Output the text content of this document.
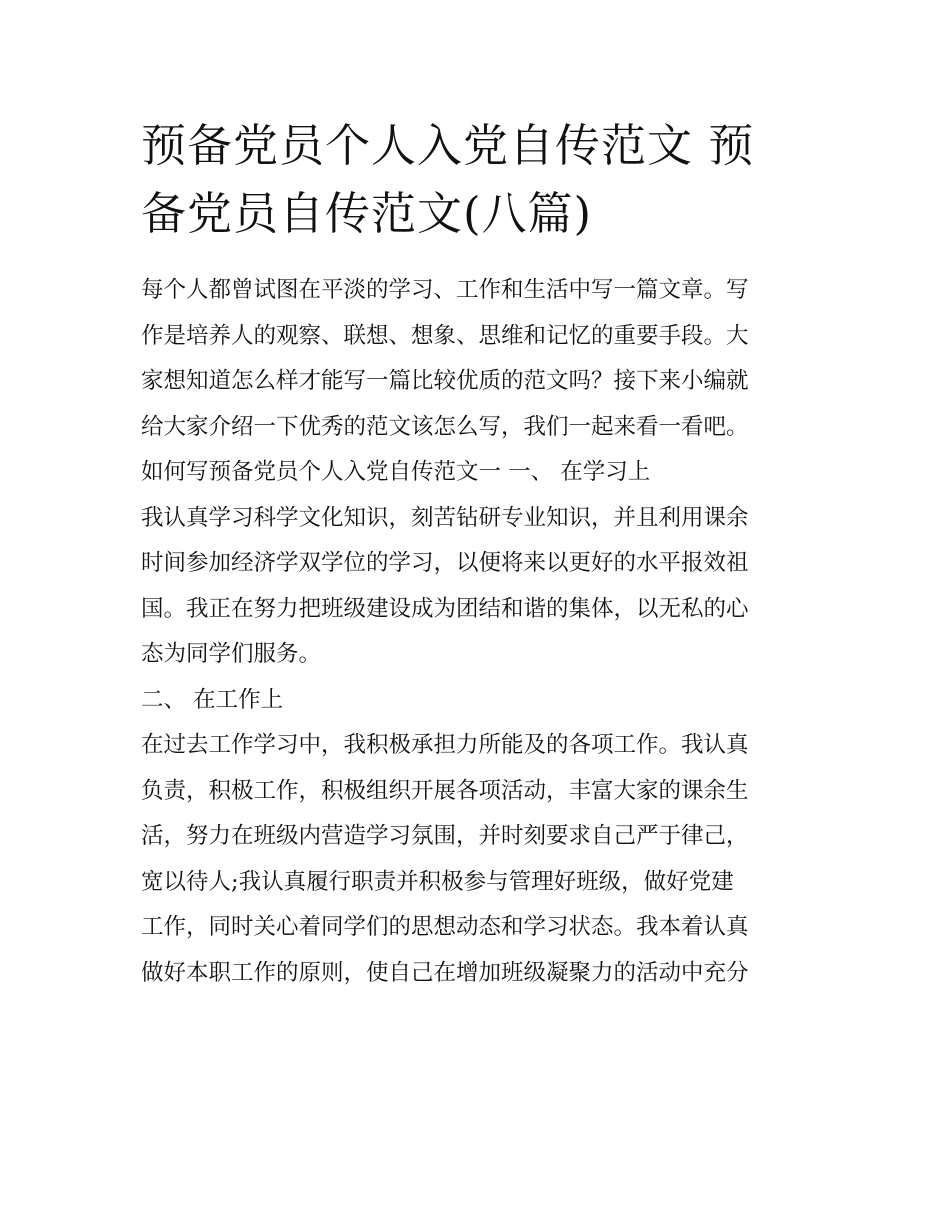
预备党员个人入党自传范文 预
备党员自传范文(八篇)

每个人都曾试图在平淡的学习、工作和生活中写一篇文章。写

作是培养人的观察、联想、想象、思维和记忆的重要手段。大

家想知道怎么样才能写一篇比较优质的范文吗？接下来小编就

给大家介绍一下优秀的范文该怎么写，我们一起来看一看吧。

如何写预备党员个人入党自传范文一 一、 在学习上

我认真学习科学文化知识，刻苦钻研专业知识，并且利用课余

时间参加经济学双学位的学习，以便将来以更好的水平报效祖

国。我正在努力把班级建设成为团结和谐的集体，以无私的心

态为同学们服务。

二、 在工作上

在过去工作学习中，我积极承担力所能及的各项工作。我认真

负责，积极工作，积极组织开展各项活动，丰富大家的课余生

活，努力在班级内营造学习氛围，并时刻要求自己严于律己，

宽以待人;我认真履行职责并积极参与管理好班级，做好党建

工作，同时关心着同学们的思想动态和学习状态。我本着认真

做好本职工作的原则，使自己在增加班级凝聚力的活动中充分
